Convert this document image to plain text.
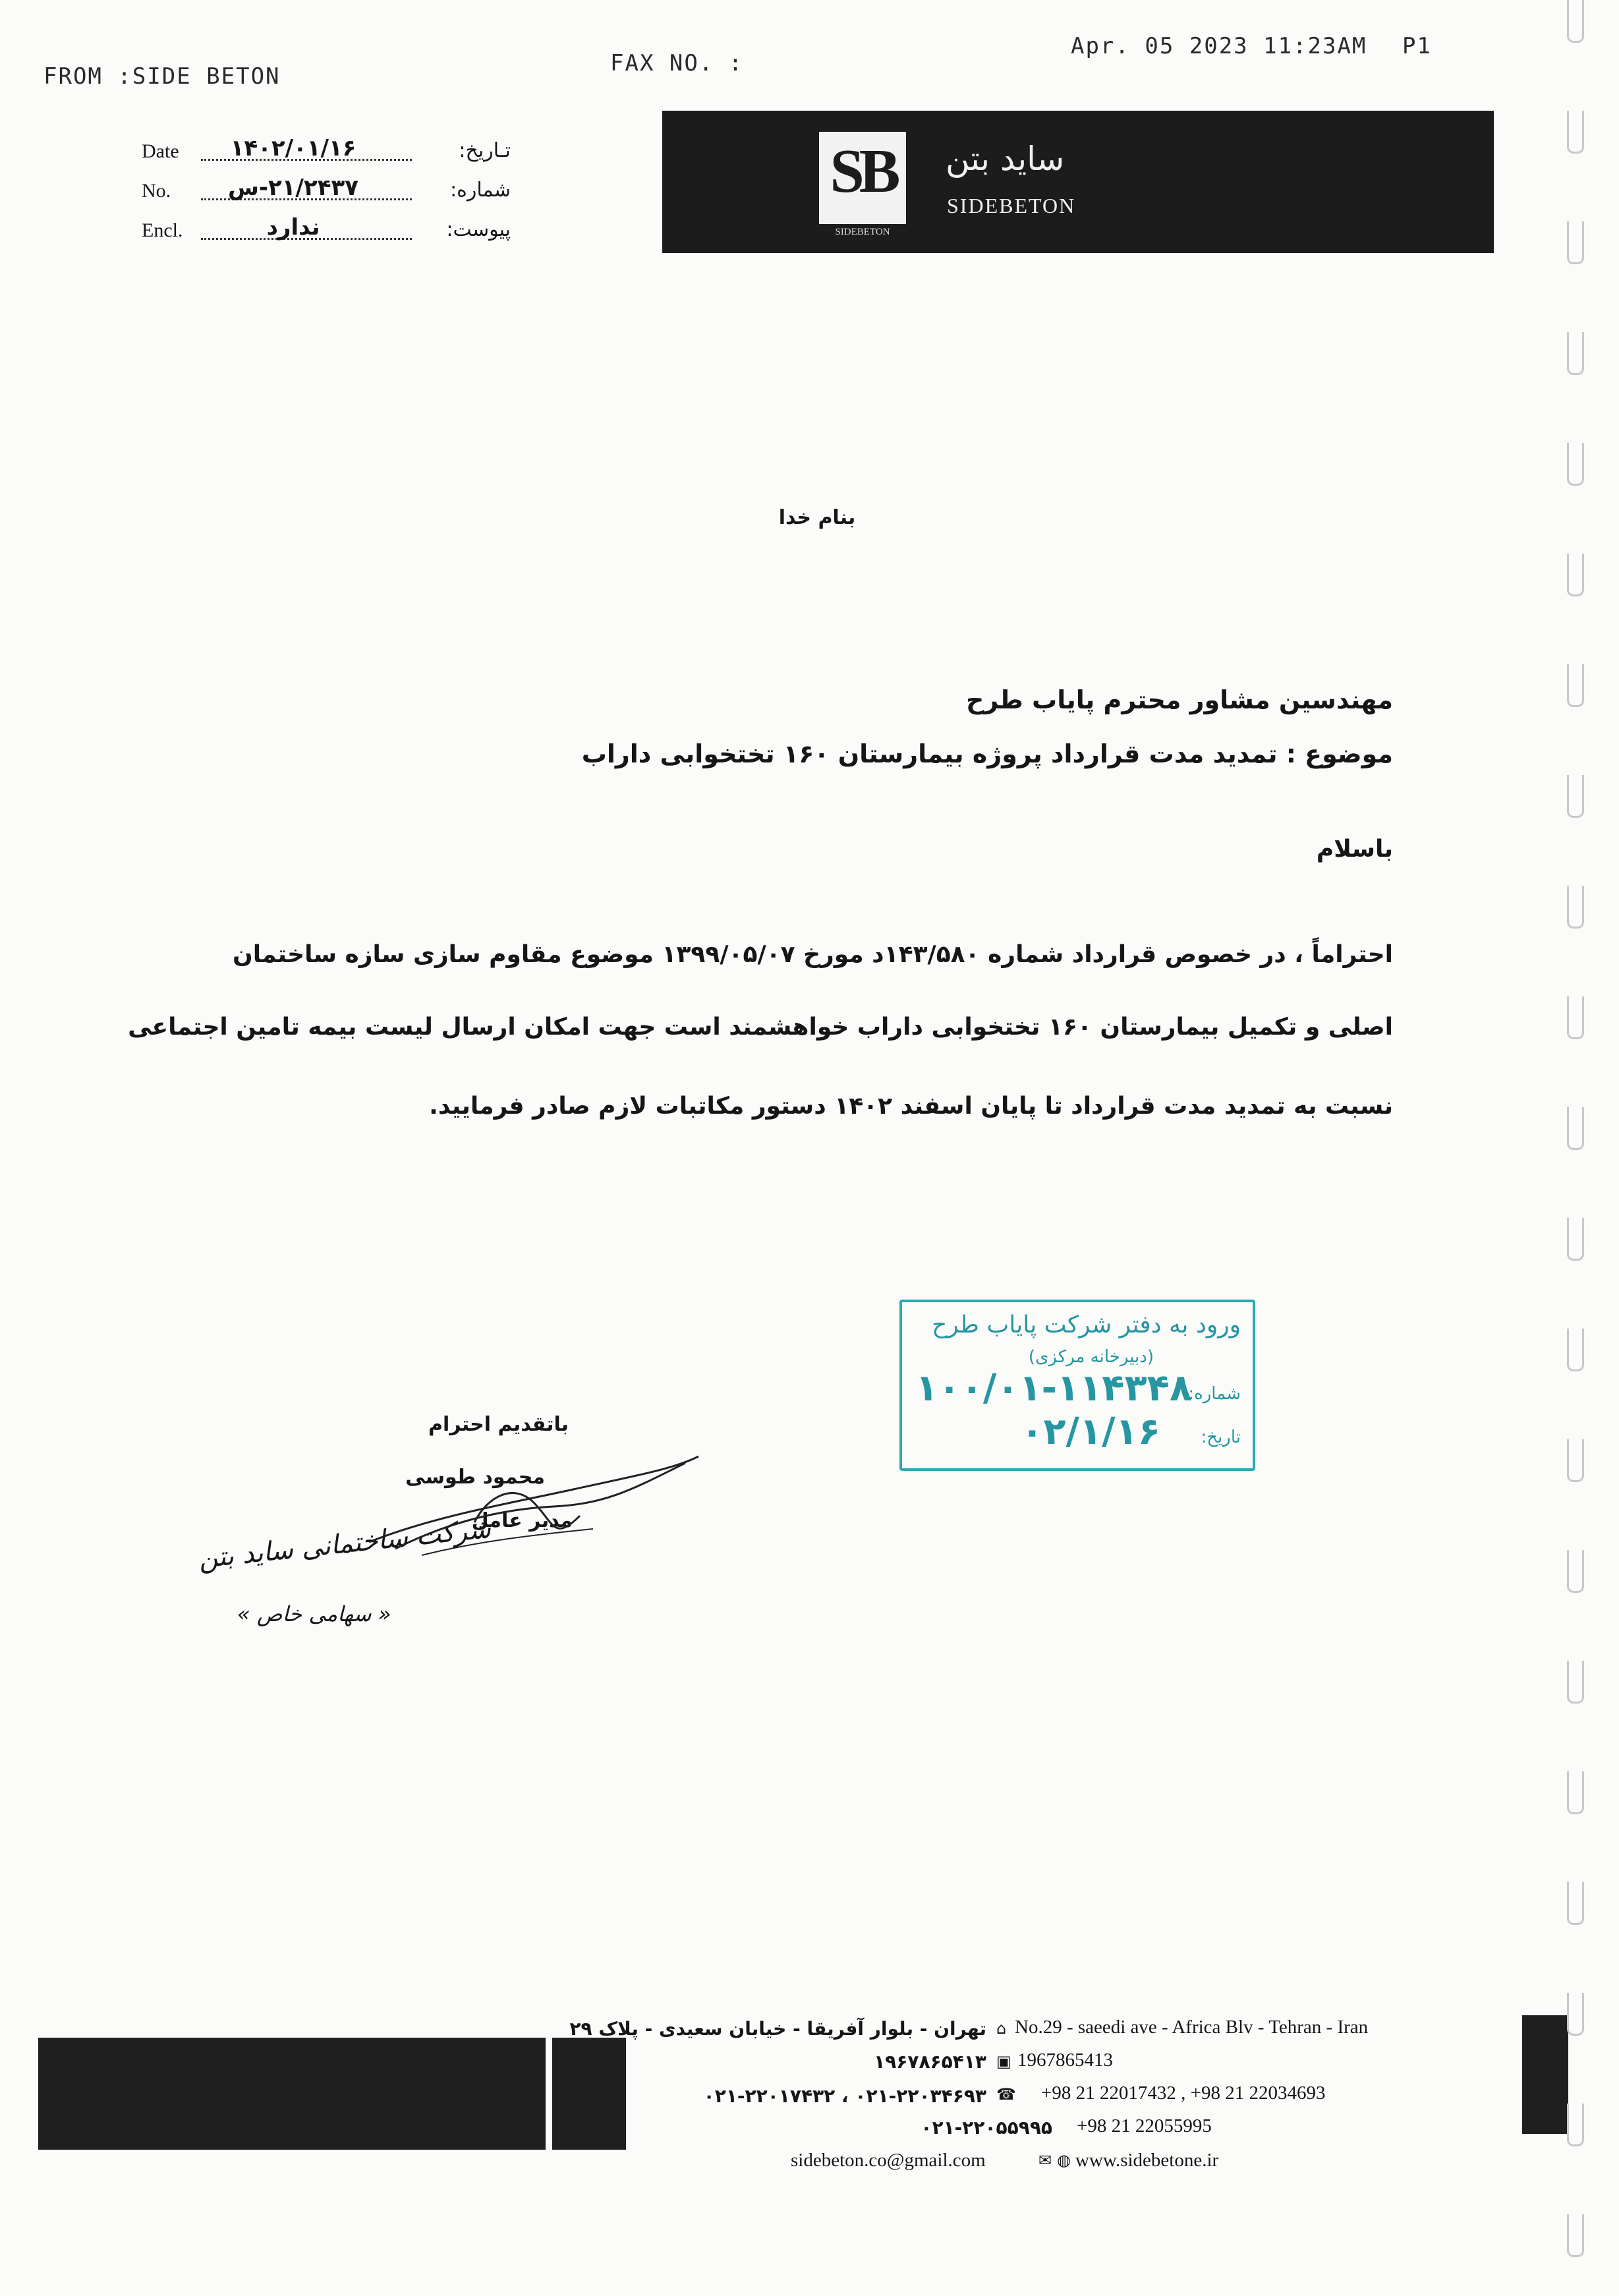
FROM :SIDE BETON	FAX NO. :
Apr. 05 2023 11:23AM P1
Date	۱۴۰۲/۰۱/۱۶	تـاریخ:
No.	۲۱/۲۴۳۷-س	شماره:
Encl.	ندارد	پیوست:
SB
SIDEBETON
ساید بتن
SIDEBETON
بنام خدا
مهندسین مشاور محترم پایاب طرح
موضوع : تمدید مدت قرارداد پروژه بیمارستان ۱۶۰ تختخوابی داراب
باسلام
احتراماً ، در خصوص قرارداد شماره ۱۴۳/۵۸۰د مورخ ۱۳۹۹/۰۵/۰۷ موضوع مقاوم سازی سازه ساختمان
اصلی و تکمیل بیمارستان ۱۶۰ تختخوابی داراب خواهشمند است جهت امکان ارسال لیست بیمه تامین اجتماعی
نسبت به تمدید مدت قرارداد تا پایان اسفند ۱۴۰۲ دستور مکاتبات لازم صادر فرمایید.
ورود به دفتر شرکت پایاب طرح
(دبیرخانه مرکزی)
شماره:
۱۰۰/۰۱-۱۱۴۳۴۸
تاریخ:
۰۲/۱/۱۶
باتقدیم احترام
محمود طوسی
مدیر عامل
شرکت ساختمانی ساید بتن
« سهامی خاص »
تهران - بلوار آفریقا - خیابان سعیدی - پلاک ۲۹ ⌂ No.29 - saeedi ave - Africa Blv - Tehran - Iran
۱۹۶۷۸۶۵۴۱۳ ▣ 1967865413
۰۲۱-۲۲۰۳۴۶۹۳ ، ۰۲۱-۲۲۰۱۷۴۳۲ ☎ +98 21 22017432 , +98 21 22034693
۰۲۱-۲۲۰۵۵۹۹۵ +98 21 22055995
sidebeton.co@gmail.com	✉ ◍ www.sidebetone.ir
